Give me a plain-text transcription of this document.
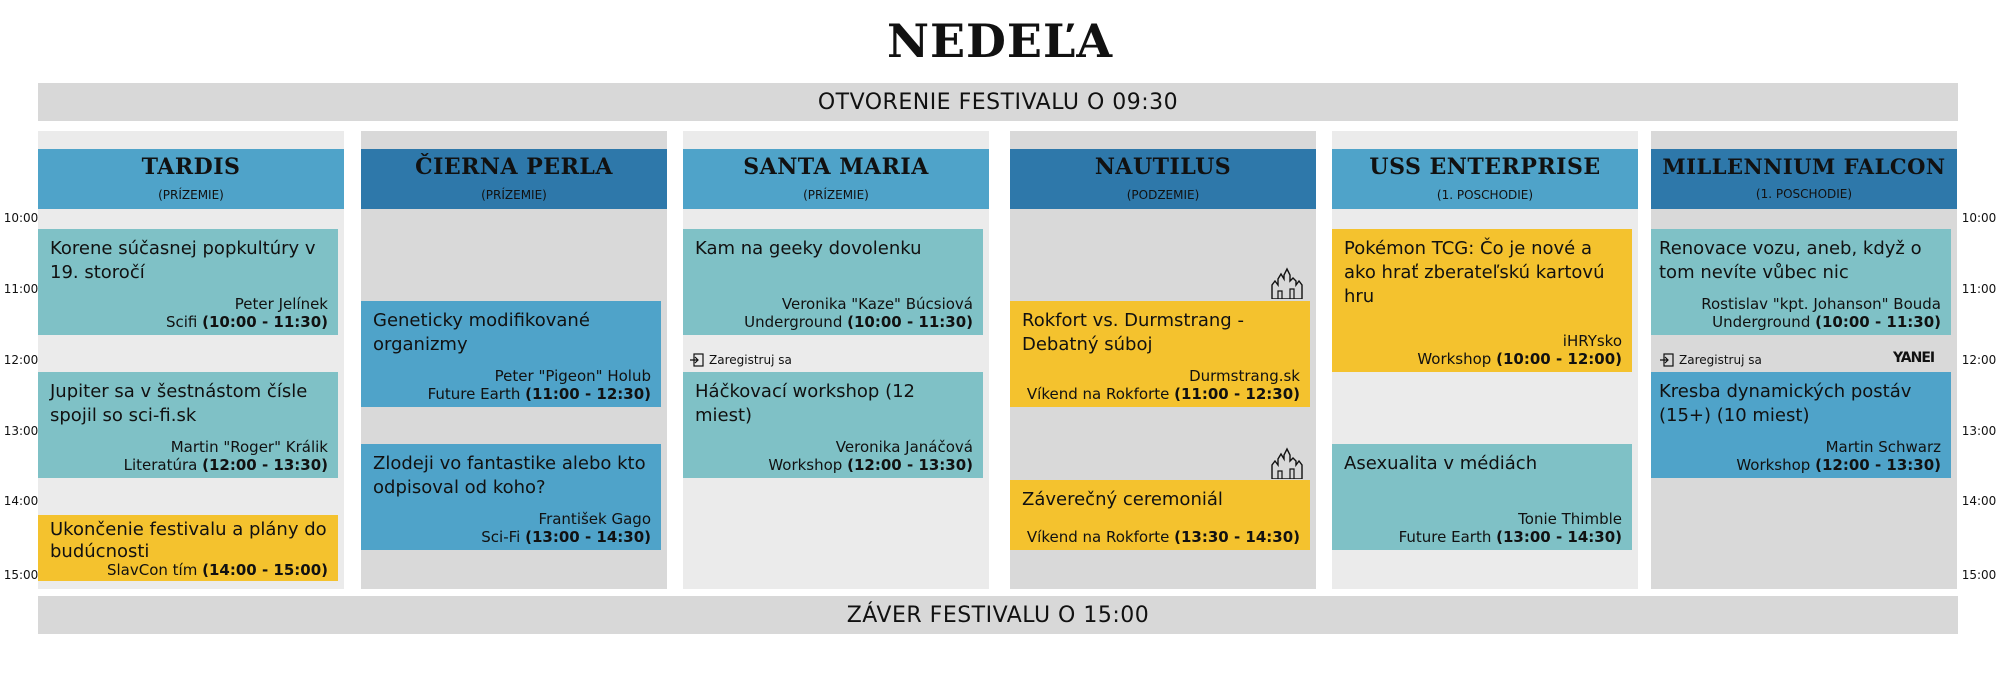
NEDEĽA
OTVORENIE FESTIVALU O 09:30
ZÁVER FESTIVALU O 15:00
10:00
11:00
12:00
13:00
14:00
15:00
10:00
11:00
12:00
13:00
14:00
15:00
TARDIS
(PRÍZEMIE)
Korene súčasnej popkultúry v 19. storočí
Peter Jelínek
Scifi (10:00 - 11:30)
Jupiter sa v šestnástom čísle spojil so sci-fi.sk
Martin "Roger" Králik
Literatúra (12:00 - 13:30)
Ukončenie festivalu a plány do budúcnosti
SlavCon tím (14:00 - 15:00)
ČIERNA PERLA
(PRÍZEMIE)
Geneticky modifikované organizmy
Peter "Pigeon" Holub
Future Earth (11:00 - 12:30)
Zlodeji vo fantastike alebo kto odpisoval od koho?
František Gago
Sci-Fi (13:00 - 14:30)
SANTA MARIA
(PRÍZEMIE)
Kam na geeky dovolenku
Veronika "Kaze" Búcsiová
Underground (10:00 - 11:30)
Zaregistruj sa
Háčkovací workshop (12 miest)
Veronika Janáčová
Workshop (12:00 - 13:30)
NAUTILUS
(PODZEMIE)
Rokfort vs. Durmstrang - Debatný súboj
Durmstrang.sk
Víkend na Rokforte (11:00 - 12:30)
Záverečný ceremoniál
Víkend na Rokforte (13:30 - 14:30)
USS ENTERPRISE
(1. POSCHODIE)
Pokémon TCG: Čo je nové a ako hrať zberateľskú kartovú hru
iHRYsko
Workshop (10:00 - 12:00)
Asexualita v médiách
Tonie Thimble
Future Earth (13:00 - 14:30)
MILLENNIUM FALCON
(1. POSCHODIE)
Renovace vozu, aneb, když o tom nevíte vůbec nic
Rostislav "kpt. Johanson" Bouda
Underground (10:00 - 11:30)
Zaregistruj sa	YANEI
Kresba dynamických postáv (15+) (10 miest)
Martin Schwarz
Workshop (12:00 - 13:30)
